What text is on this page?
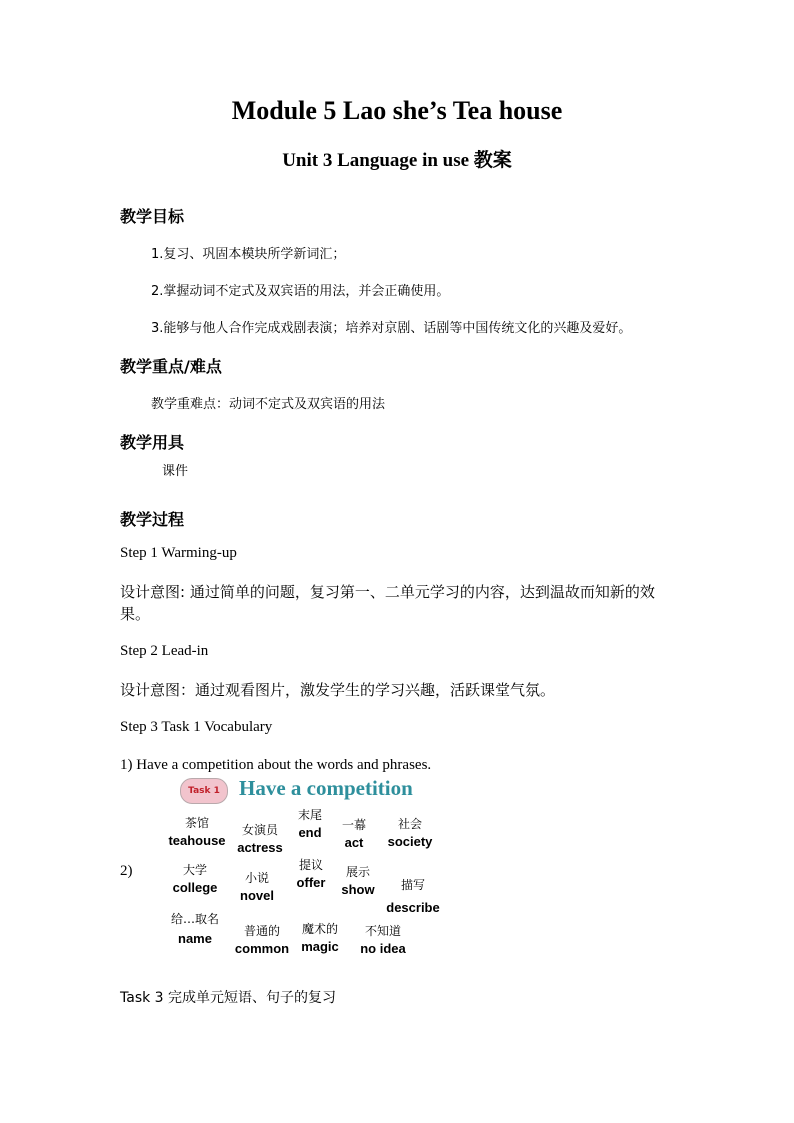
Module 5 Lao she’s Tea house
Unit 3 Language in use 教案
教学目标
1.复习、巩固本模块所学新词汇；
2.掌握动词不定式及双宾语的用法，并会正确使用。
3.能够与他人合作完成戏剧表演；培养对京剧、话剧等中国传统文化的兴趣及爱好。
教学重点/难点
教学重难点：动词不定式及双宾语的用法
教学用具
课件
教学过程
Step 1 Warming-up
设计意图: 通过简单的问题，复习第一、二单元学习的内容，达到温故而知新的效果。
Step 2 Lead-in
设计意图：通过观看图片，激发学生的学习兴趣，活跃课堂气氛。
Step 3 Task 1 Vocabulary
1) Have a competition about the words and phrases.
Task 1 Have a competition
2)
茶馆
teahouse
女演员
actress
末尾
end 一幕
act
社会
society
大学
college
小说
novel
提议
offer
展示
show 描写
describe
给…取名
name	普通的
common
魔术的
magic
不知道
no idea
Task 3 完成单元短语、句子的复习
